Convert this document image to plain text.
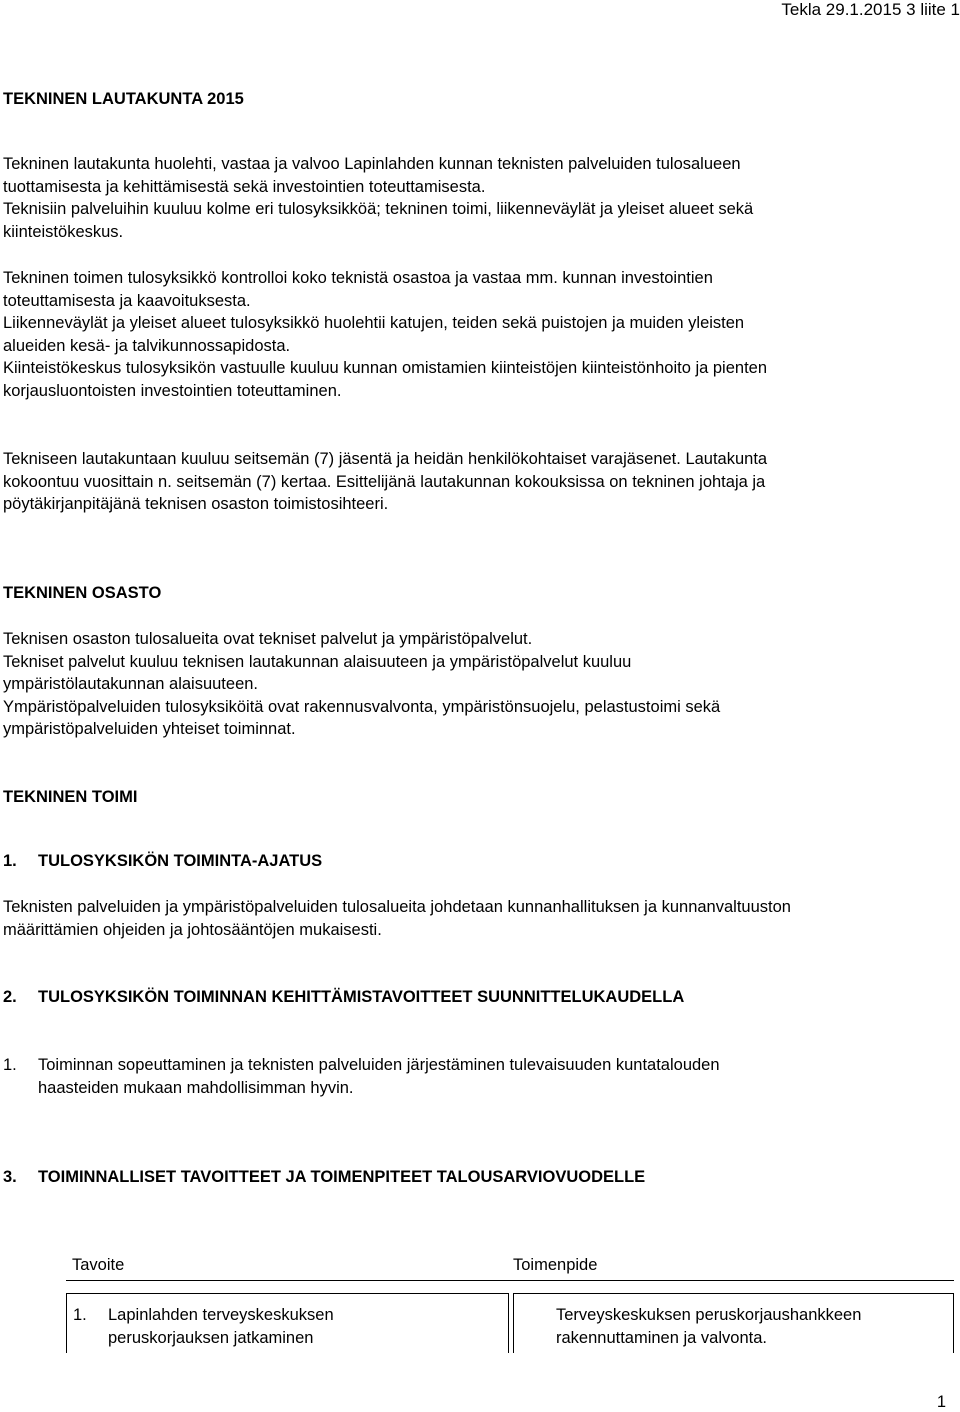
Tekla 29.1.2015 3 liite 1
TEKNINEN LAUTAKUNTA 2015
Tekninen lautakunta huolehti, vastaa ja valvoo Lapinlahden kunnan teknisten palveluiden tulosalueen
tuottamisesta ja kehittämisestä sekä investointien toteuttamisesta.
Teknisiin palveluihin kuuluu kolme eri tulosyksikköä; tekninen toimi, liikenneväylät ja yleiset alueet sekä
kiinteistökeskus.
Tekninen toimen tulosyksikkö kontrolloi koko teknistä osastoa ja vastaa mm. kunnan investointien
toteuttamisesta ja kaavoituksesta.
Liikenneväylät ja yleiset alueet tulosyksikkö huolehtii katujen, teiden sekä puistojen ja muiden yleisten
alueiden kesä- ja talvikunnossapidosta.
Kiinteistökeskus tulosyksikön vastuulle kuuluu kunnan omistamien kiinteistöjen kiinteistönhoito ja pienten
korjausluontoisten investointien toteuttaminen.
Tekniseen lautakuntaan kuuluu seitsemän (7) jäsentä ja heidän henkilökohtaiset varajäsenet. Lautakunta
kokoontuu vuosittain n. seitsemän (7) kertaa. Esittelijänä lautakunnan kokouksissa on tekninen johtaja ja
pöytäkirjanpitäjänä teknisen osaston toimistosihteeri.
TEKNINEN OSASTO
Teknisen osaston tulosalueita ovat tekniset palvelut ja ympäristöpalvelut.
Tekniset palvelut kuuluu teknisen lautakunnan alaisuuteen ja ympäristöpalvelut kuuluu
ympäristölautakunnan alaisuuteen.
Ympäristöpalveluiden tulosyksiköitä ovat rakennusvalvonta, ympäristönsuojelu, pelastustoimi sekä
ympäristöpalveluiden yhteiset toiminnat.
TEKNINEN TOIMI
1. TULOSYKSIKÖN TOIMINTA-AJATUS
Teknisten palveluiden ja ympäristöpalveluiden tulosalueita johdetaan kunnanhallituksen ja kunnanvaltuuston
määrittämien ohjeiden ja johtosääntöjen mukaisesti.
2. TULOSYKSIKÖN TOIMINNAN KEHITTÄMISTAVOITTEET SUUNNITTELUKAUDELLA
1. Toiminnan sopeuttaminen ja teknisten palveluiden järjestäminen tulevaisuuden kuntatalouden
haasteiden mukaan mahdollisimman hyvin.
3. TOIMINNALLISET TAVOITTEET JA TOIMENPITEET TALOUSARVIOVUODELLE
Tavoite	Toimenpide
1. Lapinlahden terveyskeskuksen
peruskorjauksen jatkaminen
Terveyskeskuksen peruskorjaushankkeen
rakennuttaminen ja valvonta.
1
